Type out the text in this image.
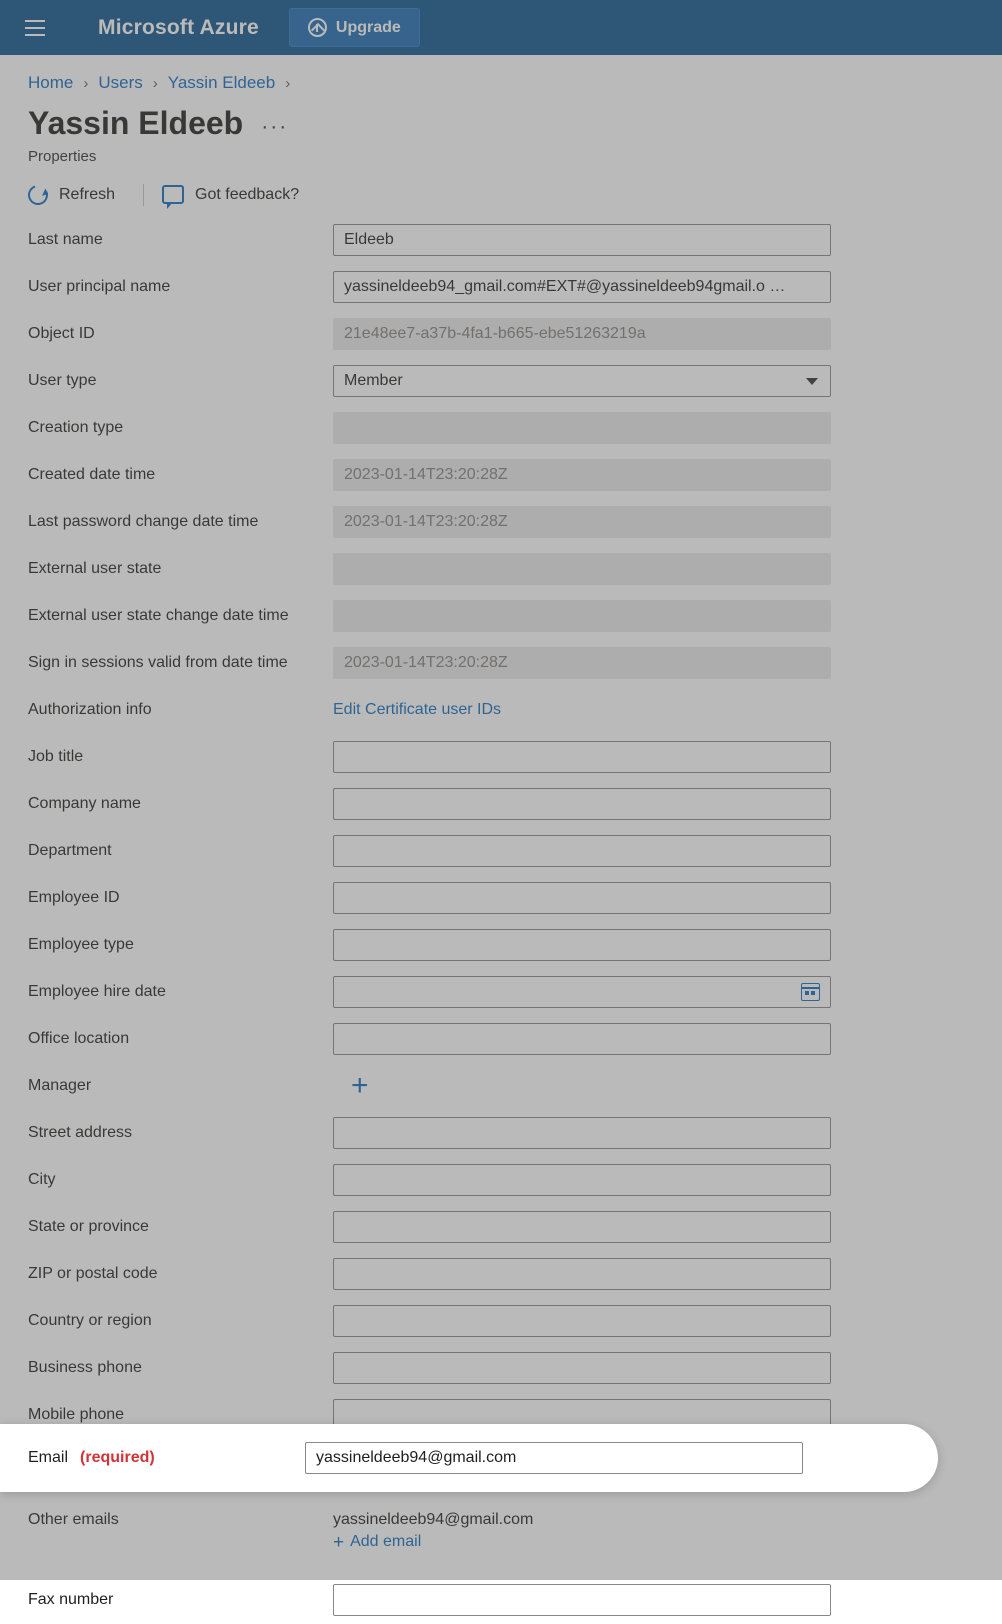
Microsoft Azure	Upgrade
Home › Users › Yassin Eldeeb ›
Yassin Eldeeb ···
Properties
Refresh	Got feedback?
Last name	Eldeeb
User principal name	yassineldeeb94_gmail.com#EXT#@yassineldeeb94gmail.o …
Object ID	21e48ee7-a37b-4fa1-b665-ebe51263219a
User type	Member
Creation type
Created date time	2023-01-14T23:20:28Z
Last password change date time	2023-01-14T23:20:28Z
External user state
External user state change date time
Sign in sessions valid from date time	2023-01-14T23:20:28Z
Authorization info	Edit Certificate user IDs
Job title
Company name
Department
Employee ID
Employee type
Employee hire date
Office location
Manager	+
Street address
City
State or province
ZIP or postal code
Country or region
Business phone
Mobile phone
Other emails	yassineldeeb94@gmail.com
+ Add email
Fax number
Email (required)	yassineldeeb94@gmail.com
